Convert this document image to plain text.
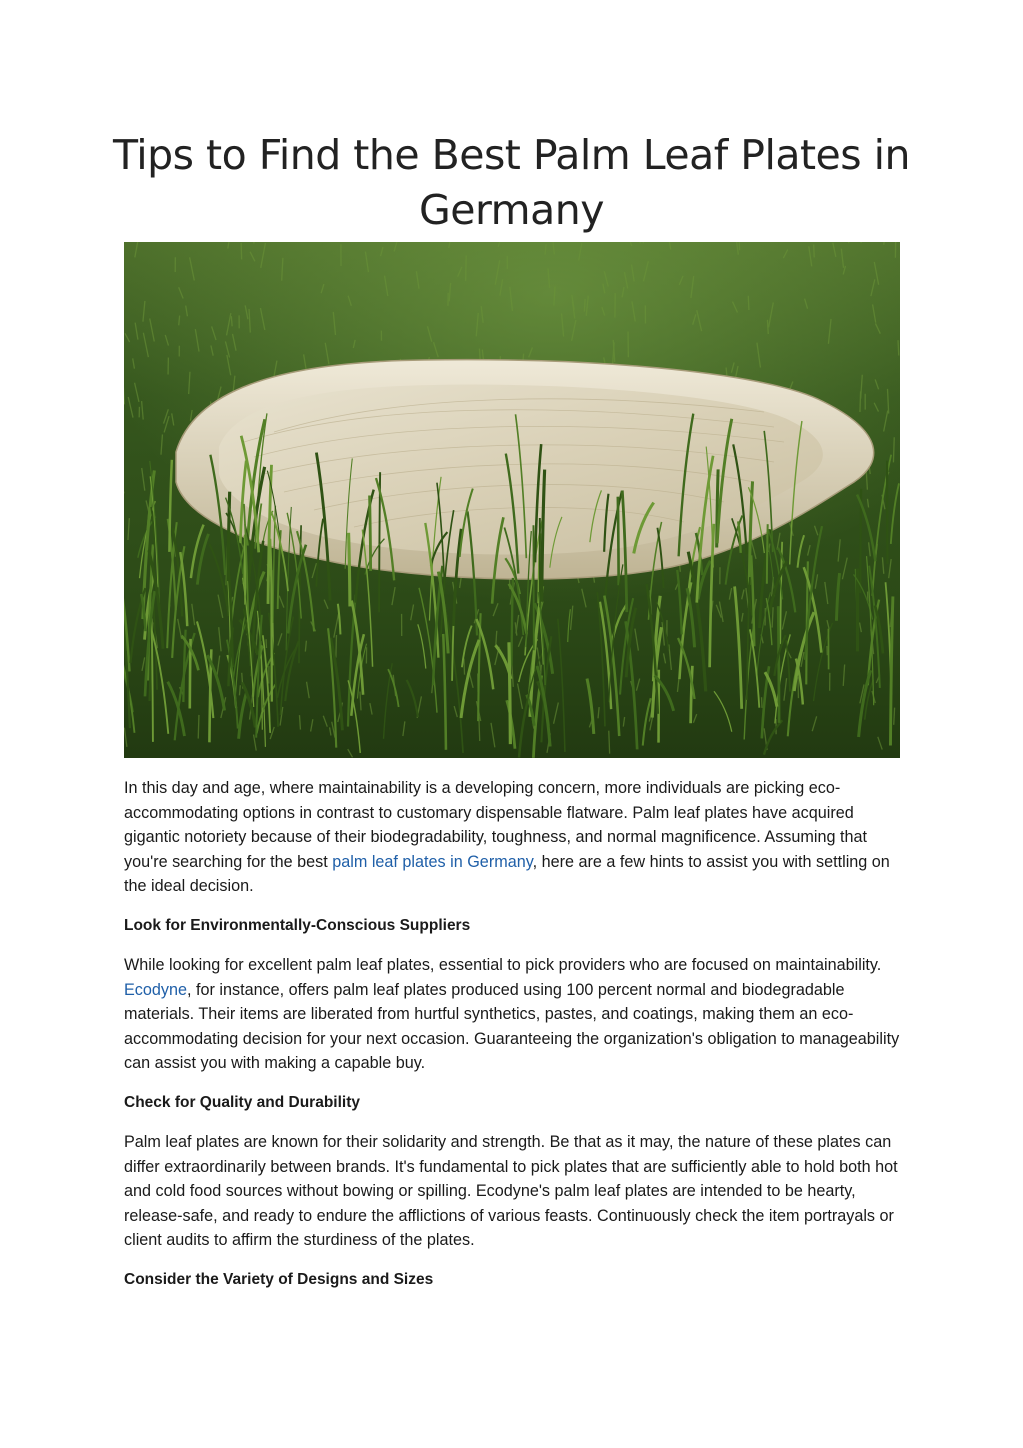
Tips to Find the Best Palm Leaf Plates in Germany

In this day and age, where maintainability is a developing concern, more individuals are picking eco-accommodating options in contrast to customary dispensable flatware. Palm leaf plates have acquired gigantic notoriety because of their biodegradability, toughness, and normal magnificence. Assuming that you're searching for the best palm leaf plates in Germany, here are a few hints to assist you with settling on the ideal decision.

Look for Environmentally-Conscious Suppliers

While looking for excellent palm leaf plates, essential to pick providers who are focused on maintainability. Ecodyne, for instance, offers palm leaf plates produced using 100 percent normal and biodegradable materials. Their items are liberated from hurtful synthetics, pastes, and coatings, making them an eco-accommodating decision for your next occasion. Guaranteeing the organization's obligation to manageability can assist you with making a capable buy.

Check for Quality and Durability

Palm leaf plates are known for their solidarity and strength. Be that as it may, the nature of these plates can differ extraordinarily between brands. It's fundamental to pick plates that are sufficiently able to hold both hot and cold food sources without bowing or spilling. Ecodyne's palm leaf plates are intended to be hearty, release-safe, and ready to endure the afflictions of various feasts. Continuously check the item portrayals or client audits to affirm the sturdiness of the plates.

Consider the Variety of Designs and Sizes
